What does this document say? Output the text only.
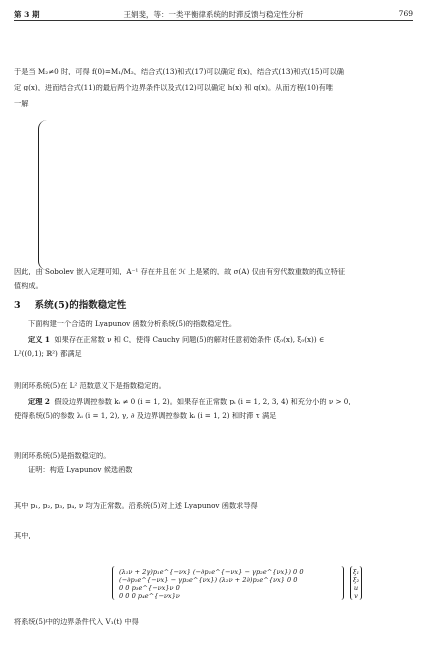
第 3 期	王娟斐，等：一类平衡律系统的时滞反馈与稳定性分析	769
于是当 M₂≠0 时，可得 f(0)=M₁/M₂，结合式(13)和式(17)可以确定 f(x)，结合式(13)和式(15)可以确
定 g(x)，进而结合式(11)的最后两个边界条件以及式(12)可以确定 h(x) 和 q(x)。从而方程(10)有唯
一解
因此，由 Sobolev 嵌入定理可知，A⁻¹ 存在并且在 ℋ 上是紧的，故 σ(A) 仅由有穷代数重数的孤立特征
值构成。
3 系统(5)的指数稳定性
下面构建一个合适的 Lyapunov 函数分析系统(5)的指数稳定性。
定义 1 如果存在正常数 ν 和 C，使得 Cauchy 问题(5)的解对任意初始条件 (ξ₀(x), ξ₀(x)) ∈
L²((0,1); ℝ²) 都满足
则闭环系统(5)在 L² 范数意义下是指数稳定的。
定理 2 假设边界调控参数 kᵢ ≠ 0 (i = 1, 2)。如果存在正常数 pᵢ (i = 1, 2, 3, 4) 和充分小的 ν > 0，
使得系统(5)的参数 λᵢ (i = 1, 2), γ, ∂ 及边界调控参数 kᵢ (i = 1, 2) 和时滞 τ 满足
则闭环系统(5)是指数稳定的。
证明：构造 Lyapunov 候选函数
其中 p₁, p₂, p₃, p₄, ν 均为正常数。沿系统(5)对上述 Lyapunov 函数求导得
其中，
(λ₁ν + 2γ)p₁e^{−νx} (−∂p₁e^{−νx} − γp₂e^{νx}) 0 0
(−∂p₁e^{−νx} − γp₂e^{νx}) (λ₂ν + 2∂)p₂e^{νx} 0 0
0 0 p₃e^{−νx}ν 0
0 0 0 p₄e^{−νx}ν
ξ₁
ξ₂
u
v
将系统(5)中的边界条件代入 V̇₁(t) 中得
